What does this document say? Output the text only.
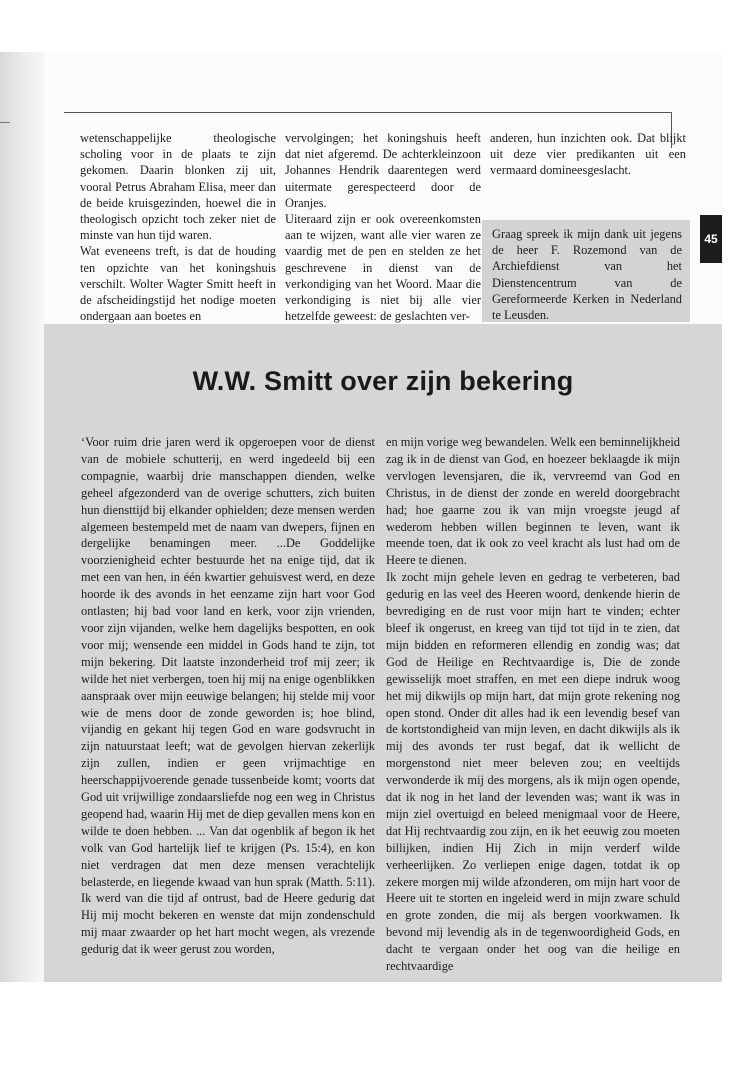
wetenschappelijke theologische scholing voor in de plaats te zijn gekomen. Daarin blonken zij uit, vooral Petrus Abraham Elisa, meer dan de beide kruisgezinden, hoewel die in theologisch opzicht toch zeker niet de minste van hun tijd waren.

Wat eveneens treft, is dat de houding ten opzichte van het koningshuis verschilt. Wolter Wagter Smitt heeft in de afscheidingstijd het nodige moeten ondergaan aan boetes en

vervolgingen; het koningshuis heeft dat niet afgeremd. De achterkleinzoon Johannes Hendrik daarentegen werd uitermate gerespecteerd door de Oranjes.

Uiteraard zijn er ook overeenkomsten aan te wijzen, want alle vier waren ze vaardig met de pen en stelden ze het geschrevene in dienst van de verkondiging van het Woord. Maar die verkondiging is niet bij alle vier hetzelfde geweest: de geslachten ver-

anderen, hun inzichten ook. Dat blijkt uit deze vier predikanten uit een vermaard domineesgeslacht.

Graag spreek ik mijn dank uit jegens de heer F. Rozemond van de Archiefdienst van het Dienstencentrum van de Gereformeerde Kerken in Nederland te Leusden.
45
W.W. Smitt over zijn bekering

‘Voor ruim drie jaren werd ik opgeroepen voor de dienst van de mobiele schutterij, en werd ingedeeld bij een compagnie, waarbij drie manschappen dienden, welke geheel afgezonderd van de overige schutters, zich buiten hun diensttijd bij elkander ophielden; deze mensen werden algemeen bestempeld met de naam van dwepers, fijnen en dergelijke benamingen meer. ...De Goddelijke voorzienigheid echter bestuurde het na enige tijd, dat ik met een van hen, in één kwartier gehuisvest werd, en deze hoorde ik des avonds in het eenzame zijn hart voor God ontlasten; hij bad voor land en kerk, voor zijn vrienden, voor zijn vijanden, welke hem dagelijks bespotten, en ook voor mij; wensende een middel in Gods hand te zijn, tot mijn bekering. Dit laatste inzonderheid trof mij zeer; ik wilde het niet verbergen, toen hij mij na enige ogenblikken aanspraak over mijn eeuwige belangen; hij stelde mij voor wie de mens door de zonde geworden is; hoe blind, vijandig en gekant hij tegen God en ware godsvrucht in zijn natuurstaat leeft; wat de gevolgen hiervan zekerlijk zijn zullen, indien er geen vrijmachtige en heerschappijvoerende genade tussenbeide komt; voorts dat God uit vrijwillige zondaarsliefde nog een weg in Christus geopend had, waarin Hij met de diep gevallen mens kon en wilde te doen hebben. ... Van dat ogenblik af begon ik het volk van God hartelijk lief te krijgen (Ps. 15:4), en kon niet verdragen dat men deze mensen verachtelijk belasterde, en liegende kwaad van hun sprak (Matth. 5:11). Ik werd van die tijd af ontrust, bad de Heere gedurig dat Hij mij mocht bekeren en wenste dat mijn zondenschuld mij maar zwaarder op het hart mocht wegen, als vrezende gedurig dat ik weer gerust zou worden,

en mijn vorige weg bewandelen. Welk een beminnelijkheid zag ik in de dienst van God, en hoezeer beklaagde ik mijn vervlogen levensjaren, die ik, vervreemd van God en Christus, in de dienst der zonde en wereld doorgebracht had; hoe gaarne zou ik van mijn vroegste jeugd af wederom hebben willen beginnen te leven, want ik meende toen, dat ik ook zo veel kracht als lust had om de Heere te dienen.

Ik zocht mijn gehele leven en gedrag te verbeteren, bad gedurig en las veel des Heeren woord, denkende hierin de bevrediging en de rust voor mijn hart te vinden; echter bleef ik ongerust, en kreeg van tijd tot tijd in te zien, dat mijn bidden en reformeren ellendig en zondig was; dat God de Heilige en Rechtvaardige is, Die de zonde gewisselijk moet straffen, en met een diepe indruk woog het mij dikwijls op mijn hart, dat mijn grote rekening nog open stond. Onder dit alles had ik een levendig besef van de kortstondigheid van mijn leven, en dacht dikwijls als ik mij des avonds ter rust begaf, dat ik wellicht de morgenstond niet meer beleven zou; en veeltijds verwonderde ik mij des morgens, als ik mijn ogen opende, dat ik nog in het land der levenden was; want ik was in mijn ziel overtuigd en beleed menigmaal voor de Heere, dat Hij rechtvaardig zou zijn, en ik het eeuwig zou moeten billijken, indien Hij Zich in mijn verderf wilde verheerlijken. Zo verliepen enige dagen, totdat ik op zekere morgen mij wilde afzonderen, om mijn hart voor de Heere uit te storten en ingeleid werd in mijn zware schuld en grote zonden, die mij als bergen voorkwamen. Ik bevond mij levendig als in de tegenwoordigheid Gods, en dacht te vergaan onder het oog van die heilige en rechtvaardige
